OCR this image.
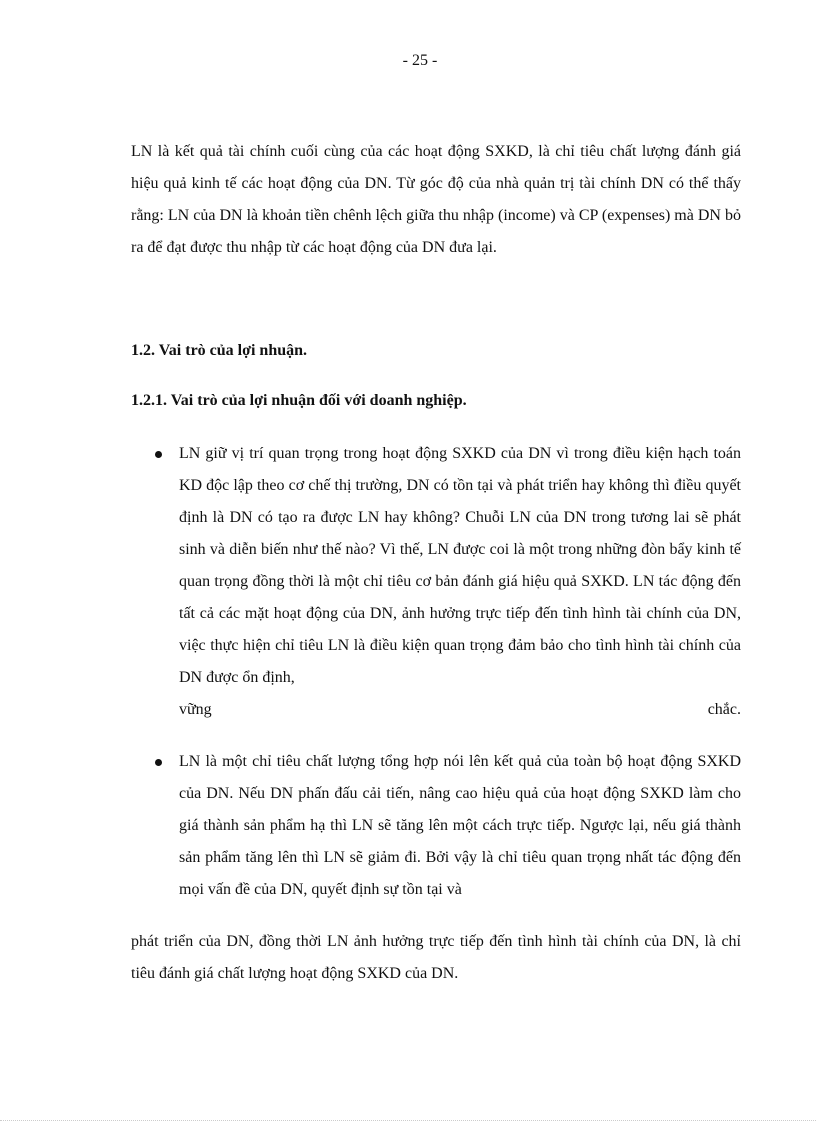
- 25 -

LN là kết quả tài chính cuối cùng của các hoạt động SXKD, là chỉ tiêu chất lượng đánh giá hiệu quả kinh tế các hoạt động của DN. Từ góc độ của nhà quản trị tài chính DN có thể thấy rằng: LN của DN là khoản tiền chênh lệch giữa thu nhập (income) và CP (expenses) mà DN bỏ ra để đạt được thu nhập từ các hoạt động của DN đưa lại.

1.2. Vai trò của lợi nhuận.

1.2.1. Vai trò của lợi nhuận đối với doanh nghiệp.

LN giữ vị trí quan trọng trong hoạt động SXKD của DN vì trong điều kiện hạch toán KD độc lập theo cơ chế thị trường, DN có tồn tại và phát triển hay không thì điều quyết định là DN có tạo ra được LN hay không? Chuỗi LN của DN trong tương lai sẽ phát sinh và diễn biến như thế nào? Vì thế, LN được coi là một trong những đòn bẩy kinh tế quan trọng đồng thời là một chỉ tiêu cơ bản đánh giá hiệu quả SXKD. LN tác động đến tất cả các mặt hoạt động của DN, ảnh hưởng trực tiếp đến tình hình tài chính của DN, việc thực hiện chỉ tiêu LN là điều kiện quan trọng đảm bảo cho tình hình tài chính của DN được ổn định,

vững	chắc.

LN là một chỉ tiêu chất lượng tổng hợp nói lên kết quả của toàn bộ hoạt động SXKD của DN. Nếu DN phấn đấu cải tiến, nâng cao hiệu quả của hoạt động SXKD làm cho giá thành sản phẩm hạ thì LN sẽ tăng lên một cách trực tiếp. Ngược lại, nếu giá thành sản phẩm tăng lên thì LN sẽ giảm đi. Bởi vậy là chỉ tiêu quan trọng nhất tác động đến mọi vấn đề của DN, quyết định sự tồn tại và

phát triển của DN, đồng thời LN ảnh hưởng trực tiếp đến tình hình tài chính của DN, là chỉ tiêu đánh giá chất lượng hoạt động SXKD của DN.
